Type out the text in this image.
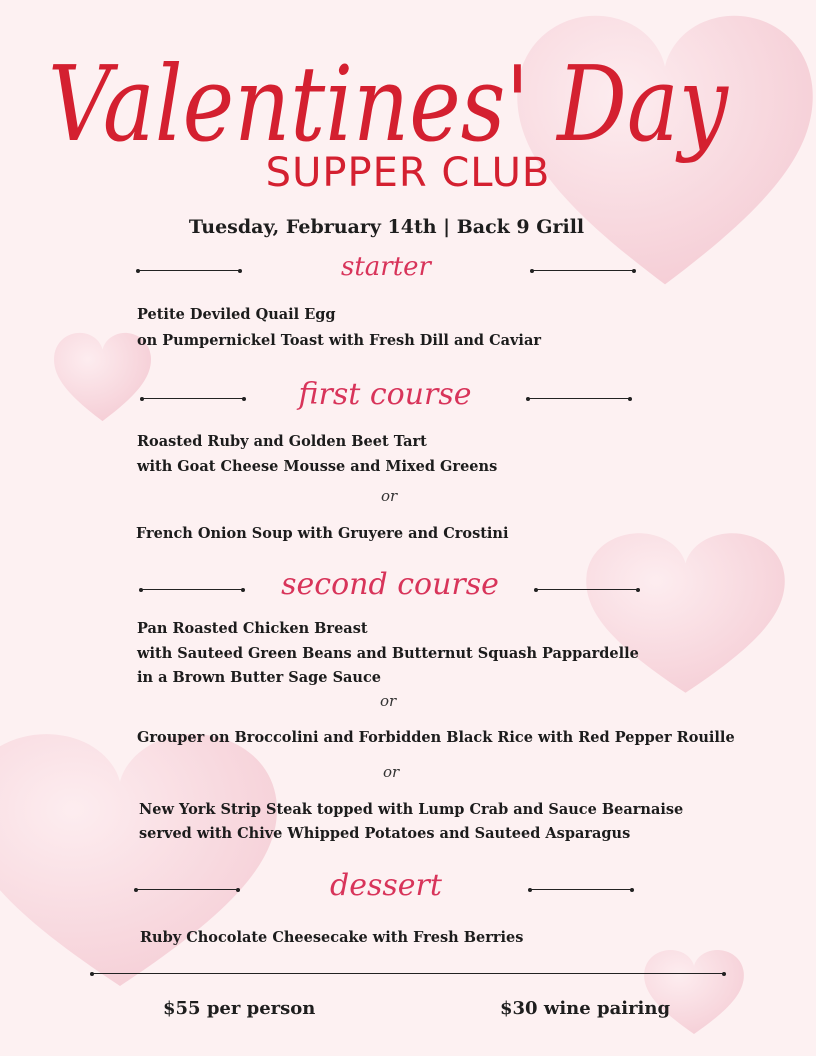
Valentines' Day
SUPPER CLUB
Tuesday, February 14th | Back 9 Grill
starter
Petite Deviled Quail Egg
on Pumpernickel Toast with Fresh Dill and Caviar
first course
Roasted Ruby and Golden Beet Tart
with Goat Cheese Mousse and Mixed Greens
or
French Onion Soup with Gruyere and Crostini
second course
Pan Roasted Chicken Breast
with Sauteed Green Beans and Butternut Squash Pappardelle
in a Brown Butter Sage Sauce
or
Grouper on Broccolini and Forbidden Black Rice with Red Pepper Rouille
or
New York Strip Steak topped with Lump Crab and Sauce Bearnaise
served with Chive Whipped Potatoes and Sauteed Asparagus
dessert
Ruby Chocolate Cheesecake with Fresh Berries
$55 per person	$30 wine pairing
